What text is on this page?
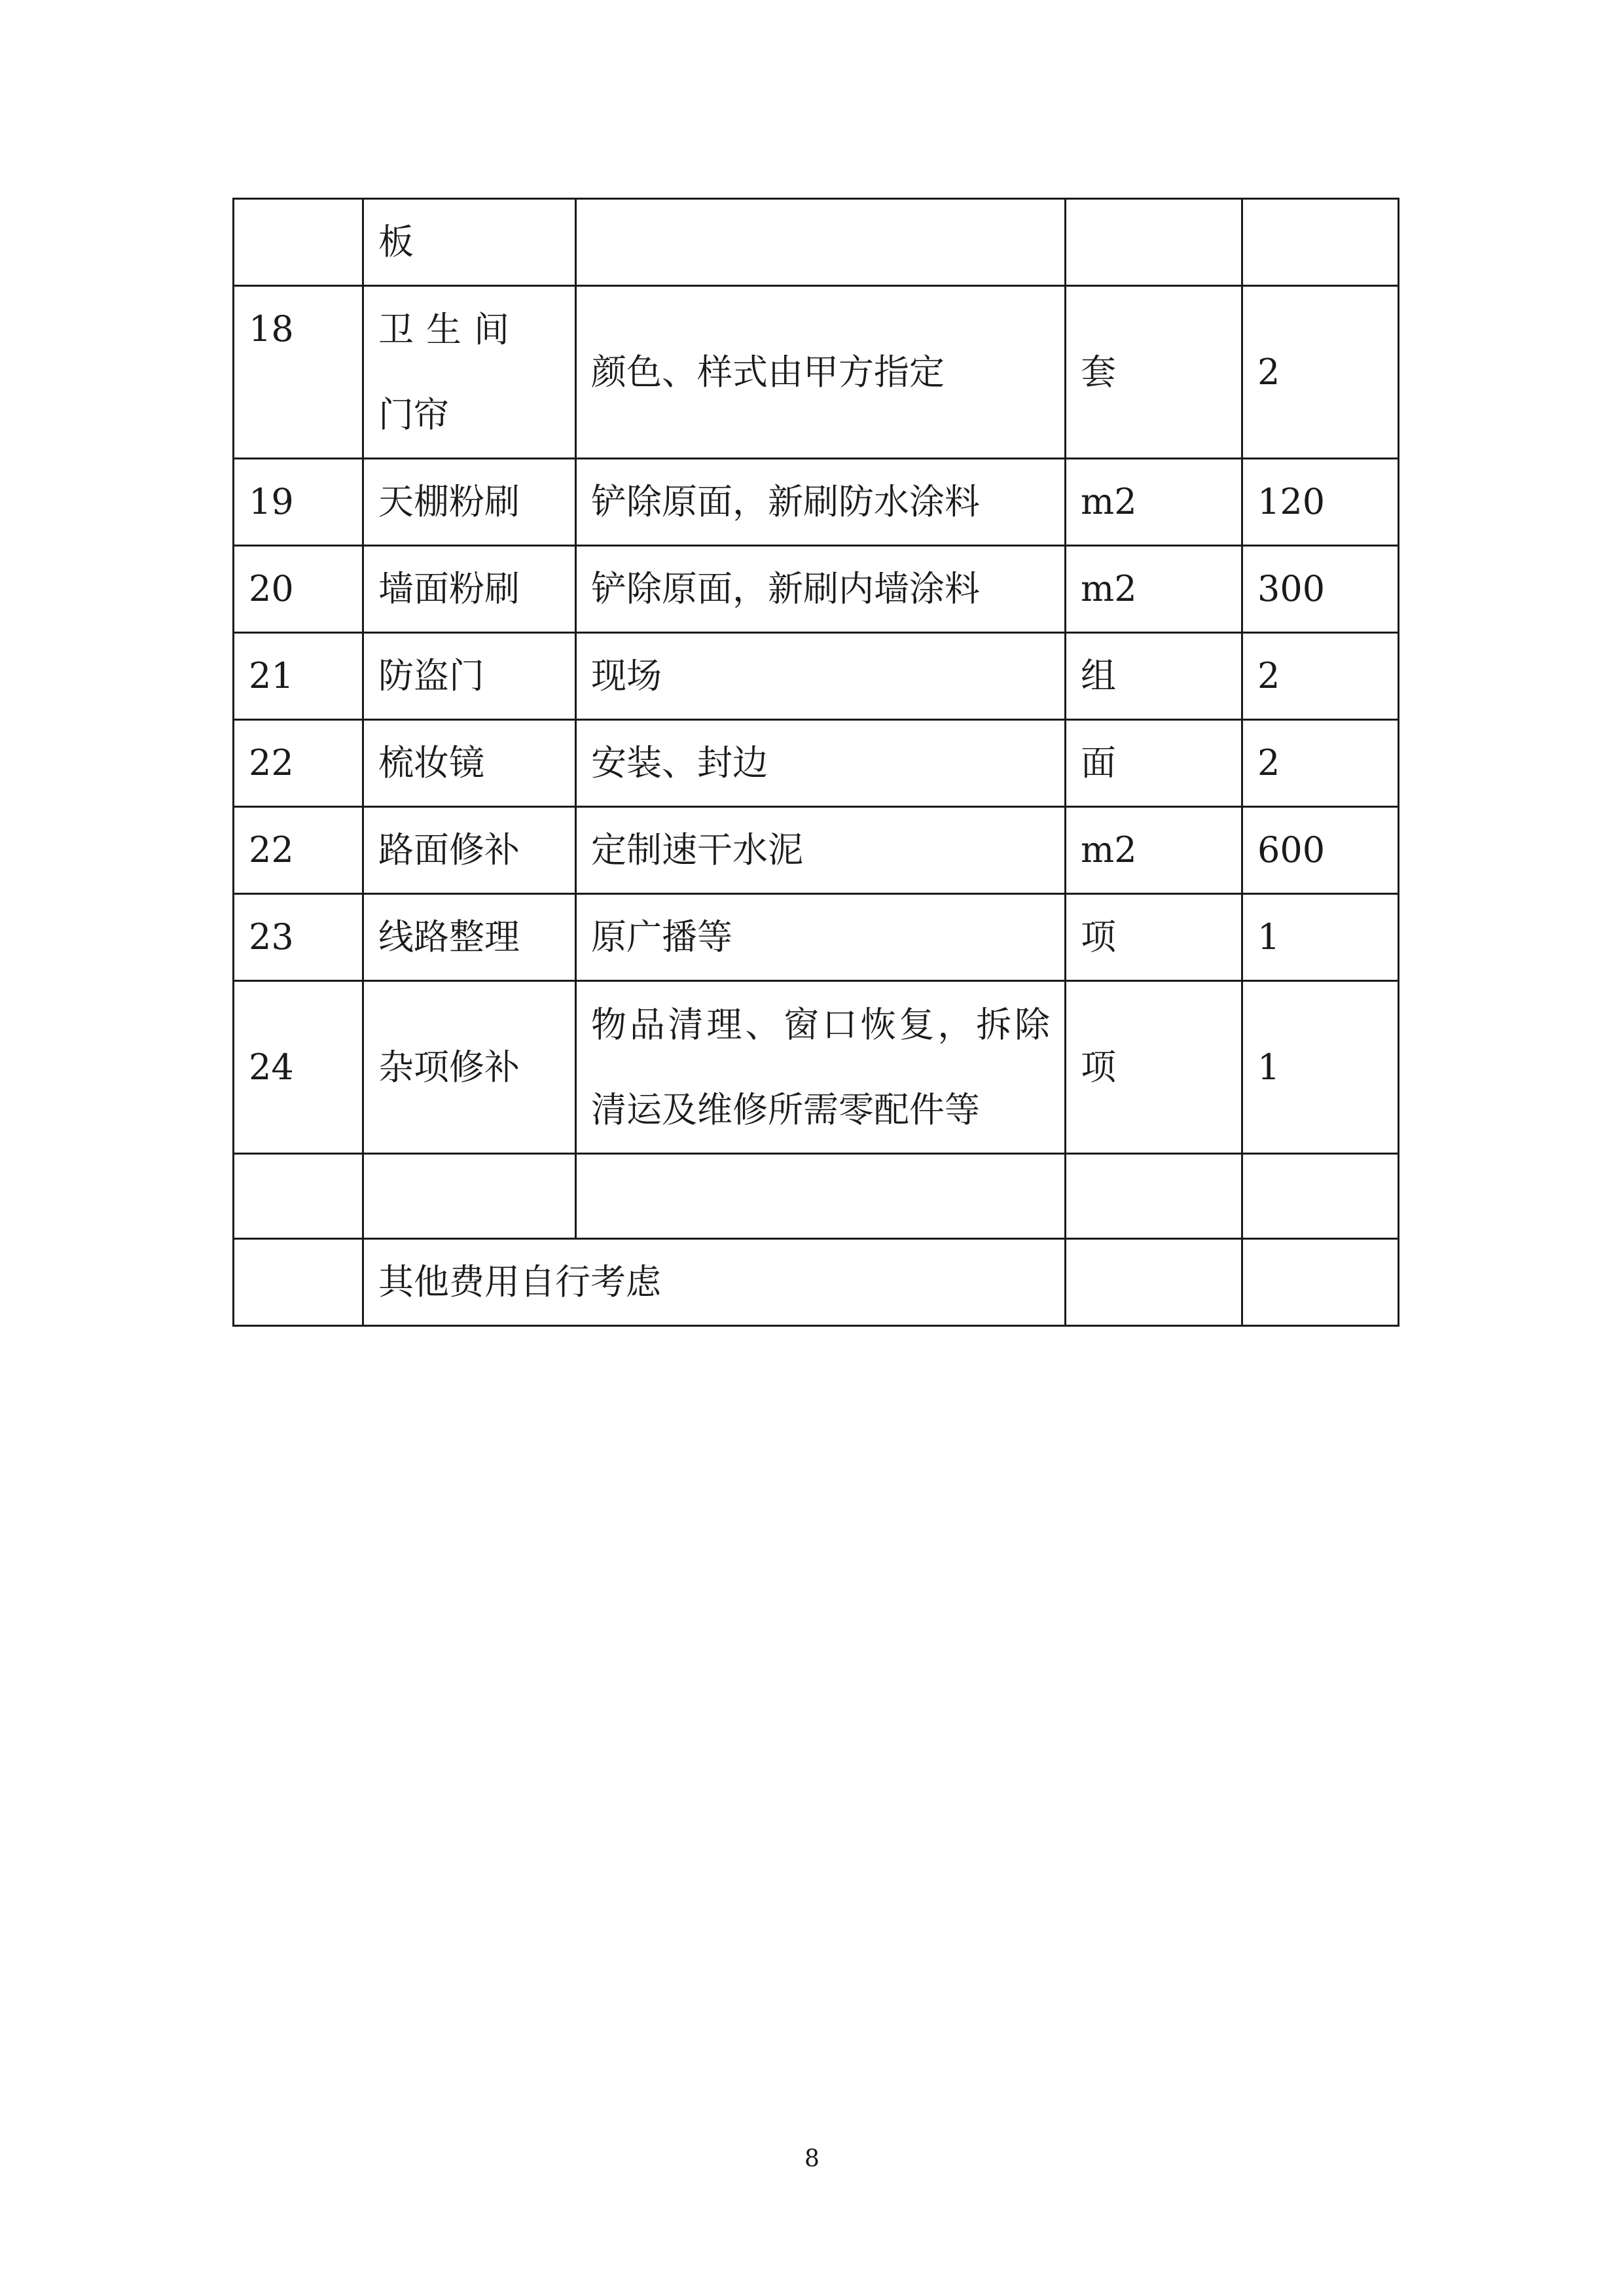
	板			

18	卫生间门帘	颜色、样式由甲方指定	套	2

19	天棚粉刷	铲除原面，新刷防水涂料	m2	120

20	墙面粉刷	铲除原面，新刷内墙涂料	m2	300

21	防盗门	现场	组	2

22	梳妆镜	安装、封边	面	2

22	路面修补	定制速干水泥	m2	600

23	线路整理	原广播等	项	1

24	杂项修补	物品清理、窗口恢复，拆除清运及维修所需零配件等	项	1

	其他费用自行考虑			

8
